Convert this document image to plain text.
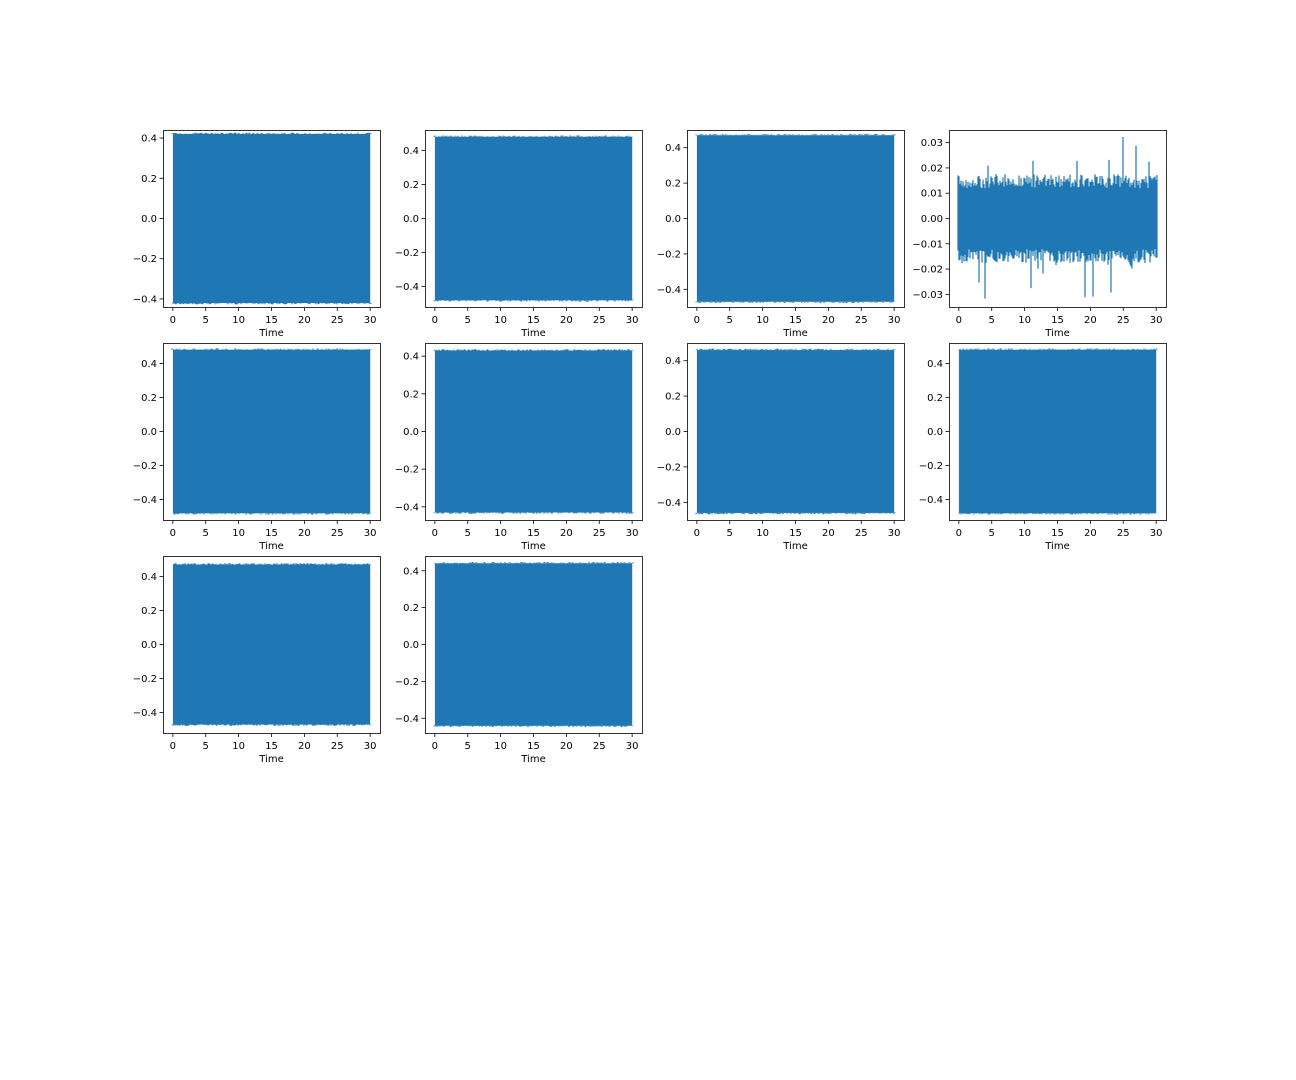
0	5 10 15 20 25 30
−0.4
−0.2
0.0
0.2
0.4
Time
0	5 10 15 20 25 30
−0.4
−0.2
0.0
0.2
0.4
Time
0	5 10 15 20 25 30
−0.4
−0.2
0.0
0.2
0.4
Time
0	5 10 15 20 25 30
−0.03
−0.02
−0.01
0.00
0.01
0.02
0.03
Time
0	5 10 15 20 25 30
−0.4
−0.2
0.0
0.2
0.4
Time
0	5 10 15 20 25 30
−0.4
−0.2
0.0
0.2
0.4
Time
0	5 10 15 20 25 30
−0.4
−0.2
0.0
0.2
0.4
Time
0	5 10 15 20 25 30
−0.4
−0.2
0.0
0.2
0.4
Time
0	5 10 15 20 25 30
−0.4
−0.2
0.0
0.2
0.4
Time
0	5 10 15 20 25 30
−0.4
−0.2
0.0
0.2
0.4
Time
